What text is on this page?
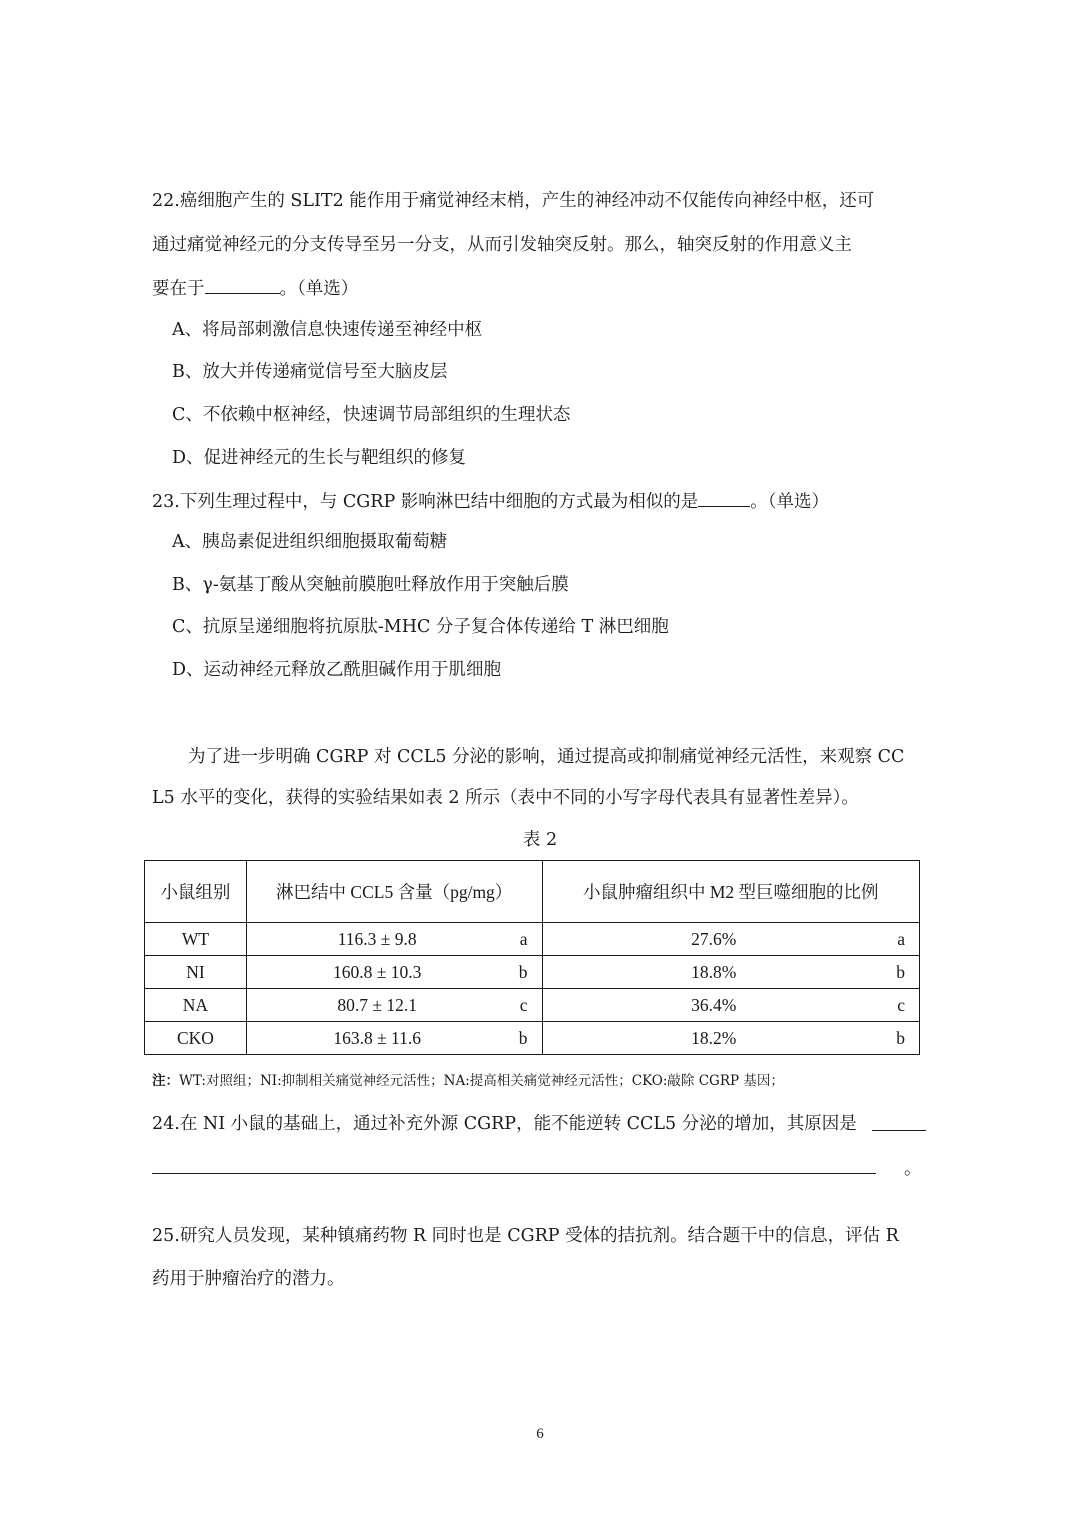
22.癌细胞产生的 SLIT2 能作用于痛觉神经末梢，产生的神经冲动不仅能传向神经中枢，还可
通过痛觉神经元的分支传导至另一分支，从而引发轴突反射。那么，轴突反射的作用意义主
要在于	。（单选）
A、将局部刺激信息快速传递至神经中枢
B、放大并传递痛觉信号至大脑皮层
C、不依赖中枢神经，快速调节局部组织的生理状态
D、促进神经元的生长与靶组织的修复
23.下列生理过程中，与 CGRP 影响淋巴结中细胞的方式最为相似的是	。（单选）
A、胰岛素促进组织细胞摄取葡萄糖
B、γ-氨基丁酸从突触前膜胞吐释放作用于突触后膜
C、抗原呈递细胞将抗原肽-MHC 分子复合体传递给 T 淋巴细胞
D、运动神经元释放乙酰胆碱作用于肌细胞
为了进一步明确 CGRP 对 CCL5 分泌的影响，通过提高或抑制痛觉神经元活性，来观察 CC
L5 水平的变化，获得的实验结果如表 2 所示（表中不同的小写字母代表具有显著性差异）。
表 2
小鼠组别	淋巴结中 CCL5 含量（pg/mg）	小鼠肿瘤组织中 M2 型巨噬细胞的比例
WT	116.3 ± 9.8 a	27.6% a

NI	160.8 ± 10.3 b	18.8% b

NA	80.7 ± 12.1 c	36.4% c

CKO	163.8 ± 11.6 b	18.2% b
注：WT:对照组；NI:抑制相关痛觉神经元活性；NA:提高相关痛觉神经元活性；CKO:敲除 CGRP 基因；
24.在 NI 小鼠的基础上，通过补充外源 CGRP，能不能逆转 CCL5 分泌的增加，其原因是
。
25.研究人员发现，某种镇痛药物 R 同时也是 CGRP 受体的拮抗剂。结合题干中的信息，评估 R
药用于肿瘤治疗的潜力。
6
